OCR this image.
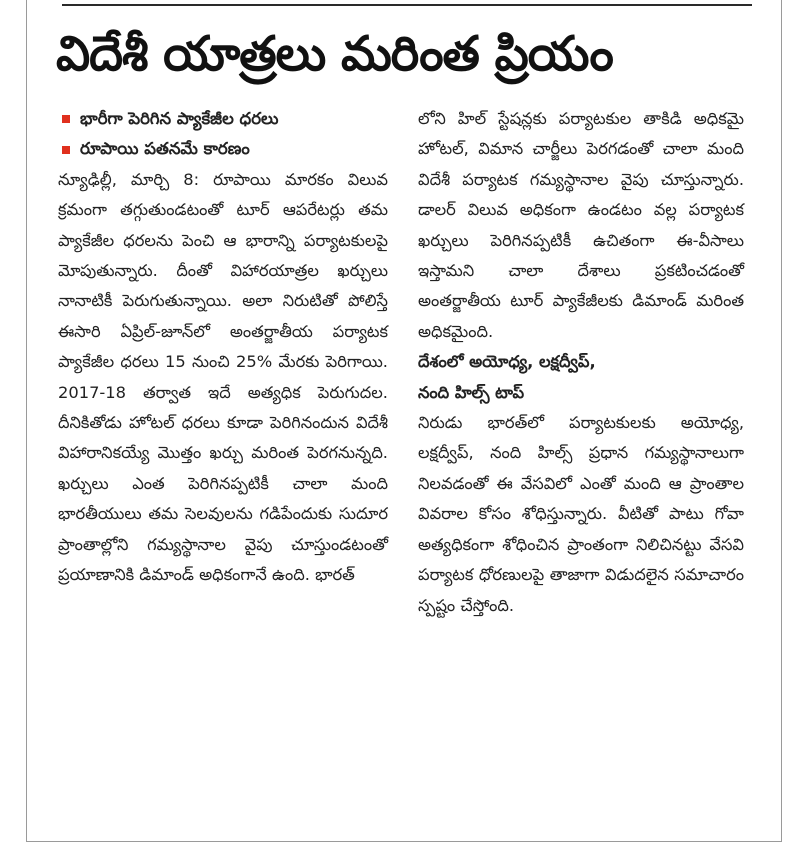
విదేశీ యాత్రలు మరింత ప్రియం
భారీగా పెరిగిన ప్యాకేజీల ధరలు
రూపాయి పతనమే కారణం

న్యూఢిల్లీ, మార్చి 8: రూపాయి మారకం విలువ క్రమంగా తగ్గుతుండటంతో టూర్ ఆపరేటర్లు తమ ప్యాకేజీల ధరలను పెంచి ఆ భారాన్ని పర్యాటకులపై మోపుతున్నారు. దీంతో విహారయాత్రల ఖర్చులు నానాటికీ పెరుగుతున్నాయి. అలా నిరుటితో పోలిస్తే ఈసారి ఏప్రిల్-జూన్‌లో అంతర్జాతీయ పర్యాటక ప్యాకేజీల ధరలు 15 నుంచి 25% మేరకు పెరిగాయి. 2017-18 తర్వాత ఇదే అత్యధిక పెరుగుదల. దీనికితోడు హోటల్ ధరలు కూడా పెరిగినందున విదేశీ విహారానికయ్యే మొత్తం ఖర్చు మరింత పెరగనున్నది. ఖర్చులు ఎంత పెరిగినప్పటికీ చాలా మంది భారతీయులు తమ సెలవులను గడిపేందుకు సుదూర ప్రాంతాల్లోని గమ్యస్థానాల వైపు చూస్తుండటంతో ప్రయాణానికి డిమాండ్ అధికంగానే ఉంది. భారత్

లోని హిల్ స్టేషన్లకు పర్యాటకుల తాకిడి అధికమై హోటల్, విమాన చార్జీలు పెరగడంతో చాలా మంది విదేశీ పర్యాటక గమ్యస్థానాల వైపు చూస్తున్నారు. డాలర్ విలువ అధికంగా ఉండటం వల్ల పర్యాటక ఖర్చులు పెరిగినప్పటికీ ఉచితంగా ఈ-వీసాలు ఇస్తామని చాలా దేశాలు ప్రకటించడంతో అంతర్జాతీయ టూర్ ప్యాకేజీలకు డిమాండ్ మరింత అధికమైంది.

దేశంలో అయోధ్య, లక్షద్వీప్,

నంది హిల్స్ టాప్

నిరుడు భారత్‌లో పర్యాటకులకు అయోధ్య, లక్షద్వీప్, నంది హిల్స్ ప్రధాన గమ్యస్థానాలుగా నిలవడంతో ఈ వేసవిలో ఎంతో మంది ఆ ప్రాంతాల వివరాల కోసం శోధిస్తున్నారు. వీటితో పాటు గోవా అత్యధికంగా శోధించిన ప్రాంతంగా నిలిచినట్టు వేసవి పర్యాటక ధోరణులపై తాజాగా విడుదలైన సమాచారం స్పష్టం చేస్తోంది.
